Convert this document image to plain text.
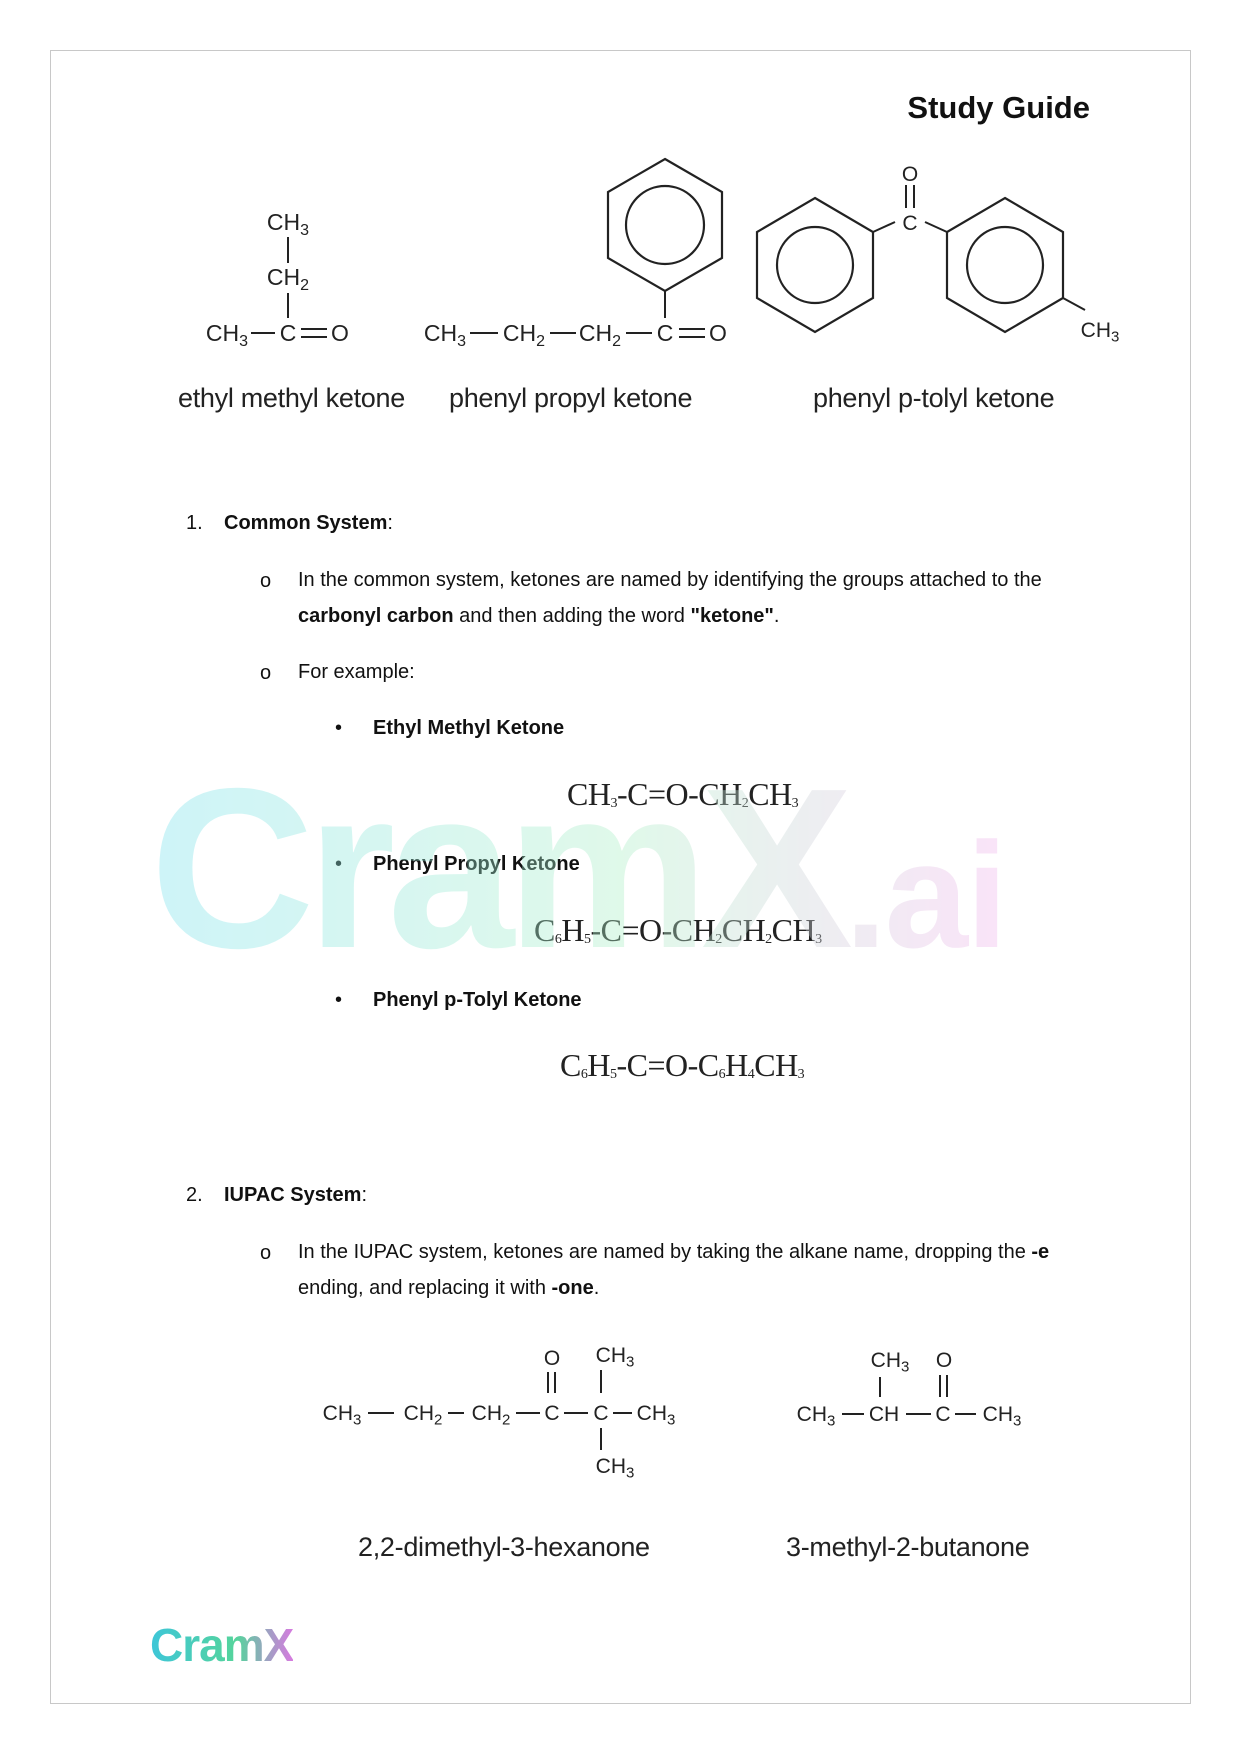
Study Guide
$CH_3$
$CH_2$
$CH_3$ C O	$CH_3$ $CH_2$ $CH_2$ C O
O
C
$CH_3$
ethyl methyl ketone phenyl propyl ketone	phenyl p-tolyl ketone
1. Common System:
o In the common system, ketones are named by identifying the groups attached to the
carbonyl carbon and then adding the word "ketone".
o For example:
• Ethyl Methyl Ketone
$CH_3-C=O-CH_2CH_3$
• Phenyl Propyl Ketone
$C_6H_5-C=O-CH_2CH_2CH_3$
• Phenyl p-Tolyl Ketone
$C_6H_5-C=O-C_6H_4CH_3$
2. IUPAC System:
o In the IUPAC system, ketones are named by taking the alkane name, dropping the -e
ending, and replacing it with -one.
O $CH_3$
$CH_3$ $CH_2$ $CH_2$ C C $CH_3$
$CH_3$
$CH_3$ O
$CH_3$ CH C $CH_3$
2,2-dimethyl-3-hexanone	3-methyl-2-butanone
CramX.ai
CramX
